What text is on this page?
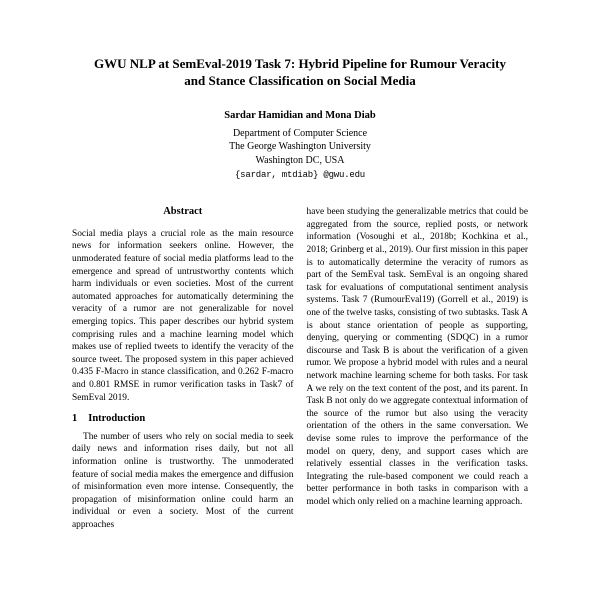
GWU NLP at SemEval-2019 Task 7: Hybrid Pipeline for Rumour Veracity and Stance Classification on Social Media
Sardar Hamidian and Mona Diab
Department of Computer Science
The George Washington University
Washington DC, USA
{sardar, mtdiab} @gwu.edu
Abstract

Social media plays a crucial role as the main resource news for information seekers online. However, the unmoderated feature of social media platforms lead to the emergence and spread of untrustworthy contents which harm individuals or even societies. Most of the current automated approaches for automatically determining the veracity of a rumor are not generalizable for novel emerging topics. This paper describes our hybrid system comprising rules and a machine learning model which makes use of replied tweets to identify the veracity of the source tweet. The proposed system in this paper achieved 0.435 F-Macro in stance classification, and 0.262 F-macro and 0.801 RMSE in rumor verification tasks in Task7 of SemEval 2019.

1 Introduction

The number of users who rely on social media to seek daily news and information rises daily, but not all information online is trustworthy. The unmoderated feature of social media makes the emergence and diffusion of misinformation even more intense. Consequently, the propagation of misinformation online could harm an individual or even a society. Most of the current approaches

have been studying the generalizable metrics that could be aggregated from the source, replied posts, or network information (Vosoughi et al., 2018b; Kochkina et al., 2018; Grinberg et al., 2019). Our first mission in this paper is to automatically determine the veracity of rumors as part of the SemEval task. SemEval is an ongoing shared task for evaluations of computational sentiment analysis systems. Task 7 (RumourEval19) (Gorrell et al., 2019) is one of the twelve tasks, consisting of two subtasks. Task A is about stance orientation of people as supporting, denying, querying or commenting (SDQC) in a rumor discourse and Task B is about the verification of a given rumor. We propose a hybrid model with rules and a neural network machine learning scheme for both tasks. For task A we rely on the text content of the post, and its parent. In Task B not only do we aggregate contextual information of the source of the rumor but also using the veracity orientation of the others in the same conversation. We devise some rules to improve the performance of the model on query, deny, and support cases which are relatively essential classes in the verification tasks. Integrating the rule-based component we could reach a better performance in both tasks in comparison with a model which only relied on a machine learning approach.
